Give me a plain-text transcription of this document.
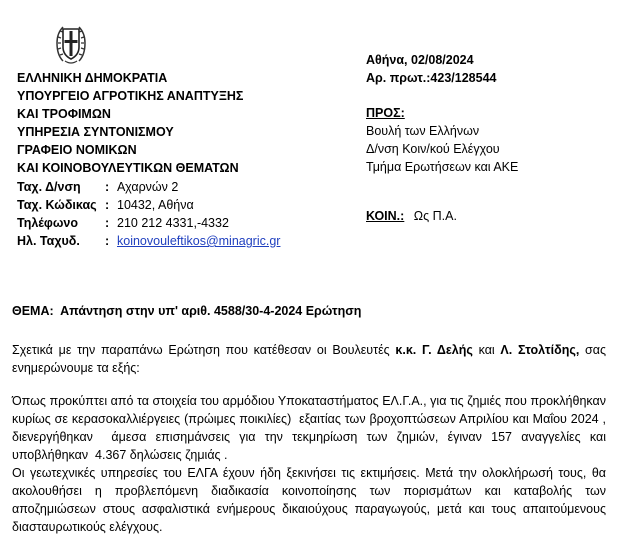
ΕΛΛΗΝΙΚΗ ΔΗΜΟΚΡΑΤΙΑ
ΥΠΟΥΡΓΕΙΟ ΑΓΡΟΤΙΚΗΣ ΑΝΑΠΤΥΞΗΣ
ΚΑΙ ΤΡΟΦΙΜΩΝ
ΥΠΗΡΕΣΙΑ ΣΥΝΤΟΝΙΣΜΟΥ
ΓΡΑΦΕΙΟ ΝΟΜΙΚΩΝ
ΚΑΙ ΚΟΙΝΟΒΟΥΛΕΥΤΙΚΩΝ ΘΕΜΑΤΩΝ
Ταχ. Δ/νση : Αχαρνών 2
Ταχ. Κώδικας : 10432, Αθήνα
Τηλέφωνο : 210 212 4331,-4332
Ηλ. Ταχυδ. : koinovouleftikos@minagric.gr
Αθήνα, 02/08/2024
Αρ. πρωτ.:423/128544
ΠΡΟΣ:
Βουλή των Ελλήνων
Δ/νση Κοιν/κού Ελέγχου
Τμήμα Ερωτήσεων και ΑΚΕ
ΚΟΙΝ.: Ως Π.Α.
ΘΕΜΑ:  Απάντηση στην υπ' αριθ. 4588/30-4-2024 Ερώτηση
Σχετικά με την παραπάνω Ερώτηση που κατέθεσαν οι Βουλευτές κ.κ. Γ. Δελής και Λ. Στολτίδης, σας ενημερώνουμε τα εξής:
Όπως προκύπτει από τα στοιχεία του αρμόδιου Υποκαταστήματος ΕΛ.Γ.Α., για τις ζημιές που προκλήθηκαν κυρίως σε κερασοκαλλιέργειες (πρώιμες ποικιλίες)  εξαιτίας των βροχοπτώσεων Απριλίου και Μαΐου 2024 , διενεργήθηκαν  άμεσα επισημάνσεις για την τεκμηρίωση των ζημιών, έγιναν 157 αναγγελίες και υποβλήθηκαν  4.367 δηλώσεις ζημιάς .
Οι γεωτεχνικές υπηρεσίες του ΕΛΓΑ έχουν ήδη ξεκινήσει τις εκτιμήσεις. Μετά την ολοκλήρωσή τους, θα ακολουθήσει η προβλεπόμενη διαδικασία κοινοποίησης των πορισμάτων και καταβολής των αποζημιώσεων στους ασφαλιστικά ενήμερους δικαιούχους παραγωγούς, μετά και τους απαιτούμενους διασταυρωτικούς ελέγχους.
